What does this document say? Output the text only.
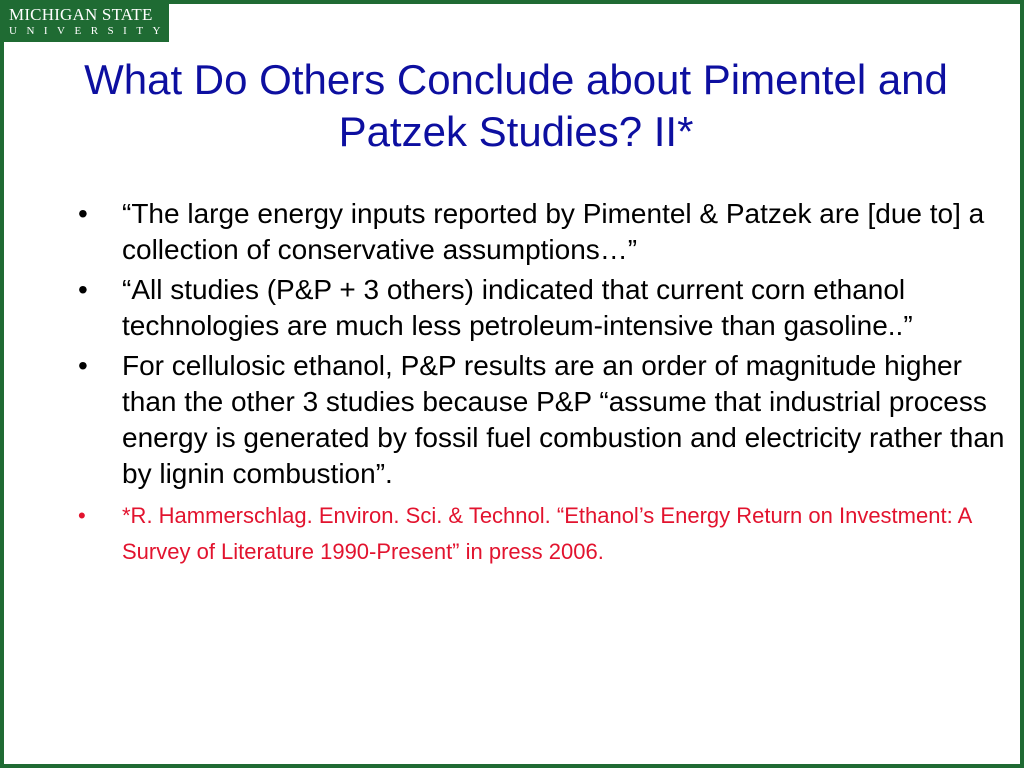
MICHIGAN STATE
UNIVERSITY
What Do Others Conclude about Pimentel and Patzek Studies? II*
• “The large energy inputs reported by Pimentel & Patzek are [due to] a collection of conservative assumptions…”
• “All studies (P&P + 3 others) indicated that current corn ethanol technologies are much less petroleum-intensive than gasoline..”
• For cellulosic ethanol, P&P results are an order of magnitude higher than the other 3 studies because P&P “assume that industrial process energy is generated by fossil fuel combustion and electricity rather than by lignin combustion”.
• *R. Hammerschlag. Environ. Sci. & Technol. “Ethanol’s Energy Return on Investment: A Survey of Literature 1990-Present” in press 2006.
